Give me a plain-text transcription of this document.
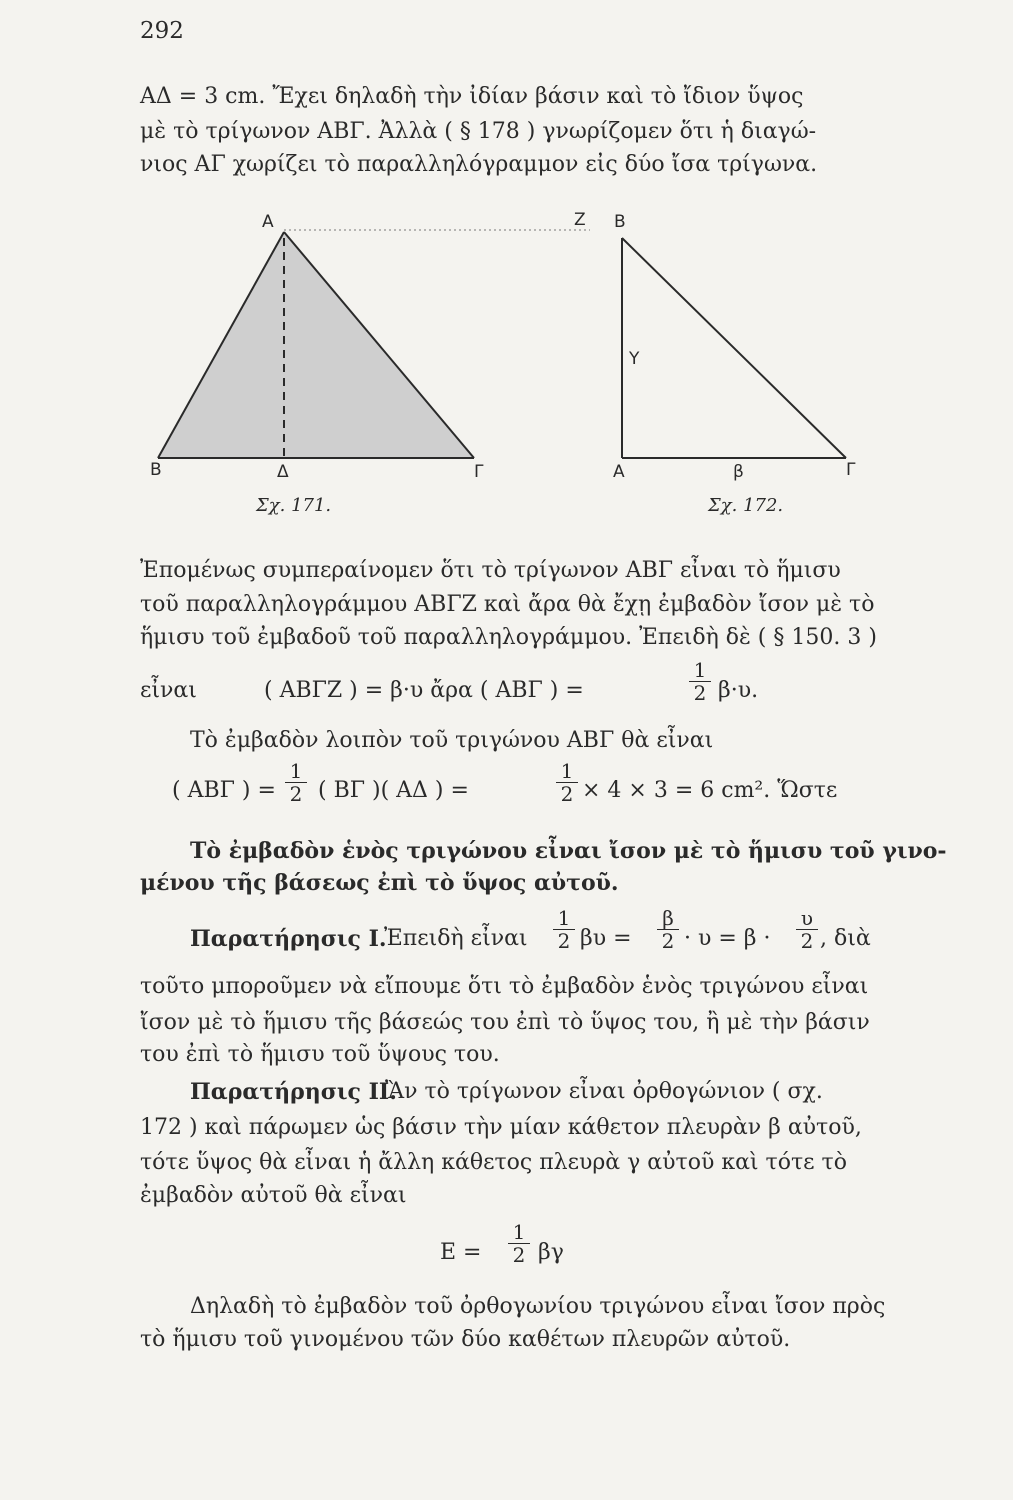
292
ΑΔ = 3 cm. Ἔχει δηλαδὴ τὴν ἰδίαν βάσιν καὶ τὸ ἴδιον ὕψος
μὲ τὸ τρίγωνον ΑΒΓ. Ἀλλὰ ( § 178 ) γνωρίζομεν ὅτι ἡ διαγώ-
νιος ΑΓ χωρίζει τὸ παραλληλόγραμμον εἰς δύο ἴσα τρίγωνα.
Α	Ζ
Β	Δ	Γ
Σχ. 171.
Β
Υ
Α	β	Γ
Σχ. 172.
Ἐπομένως συμπεραίνομεν ὅτι τὸ τρίγωνον ΑΒΓ εἶναι τὸ ἥμισυ
τοῦ παραλληλογράμμου ΑΒΓΖ καὶ ἄρα θὰ ἔχῃ ἐμβαδὸν ἴσον μὲ τὸ
ἥμισυ τοῦ ἐμβαδοῦ τοῦ παραλληλογράμμου. Ἐπειδὴ δὲ ( § 150. 3 )
εἶναι	( ΑΒΓΖ ) = β·υ ἄρα ( ΑΒΓ ) =
1
2 β·υ.
Τὸ ἐμβαδὸν λοιπὸν τοῦ τριγώνου ΑΒΓ θὰ εἶναι
( ΑΒΓ ) =
1
2 ( ΒΓ )( ΑΔ ) =
1
2 × 4 × 3 = 6 cm². Ὥστε
Τὸ ἐμβαδὸν ἑνὸς τριγώνου εἶναι ἴσον μὲ τὸ ἥμισυ τοῦ γινο-
μένου τῆς βάσεως ἐπὶ τὸ ὕψος αὐτοῦ.
Παρατήρησις Ι.
Ἐπειδὴ εἶναι
1
2 βυ =
β
2 · υ = β ·
υ
2 , διὰ
τοῦτο μποροῦμεν νὰ εἴπουμε ὅτι τὸ ἐμβαδὸν ἑνὸς τριγώνου εἶναι
ἴσον μὲ τὸ ἥμισυ τῆς βάσεώς του ἐπὶ τὸ ὕψος του, ἢ μὲ τὴν βάσιν
του ἐπὶ τὸ ἥμισυ τοῦ ὕψους του.
Παρατήρησις ΙΙ.
Ἂν τὸ τρίγωνον εἶναι ὀρθογώνιον ( σχ.
172 ) καὶ πάρωμεν ὡς βάσιν τὴν μίαν κάθετον πλευρὰν β αὐτοῦ,
τότε ὕψος θὰ εἶναι ἡ ἄλλη κάθετος πλευρὰ γ αὐτοῦ καὶ τότε τὸ
ἐμβαδὸν αὐτοῦ θὰ εἶναι
Ε =
1
2 βγ
Δηλαδὴ τὸ ἐμβαδὸν τοῦ ὀρθογωνίου τριγώνου εἶναι ἴσον πρὸς
τὸ ἥμισυ τοῦ γινομένου τῶν δύο καθέτων πλευρῶν αὐτοῦ.
